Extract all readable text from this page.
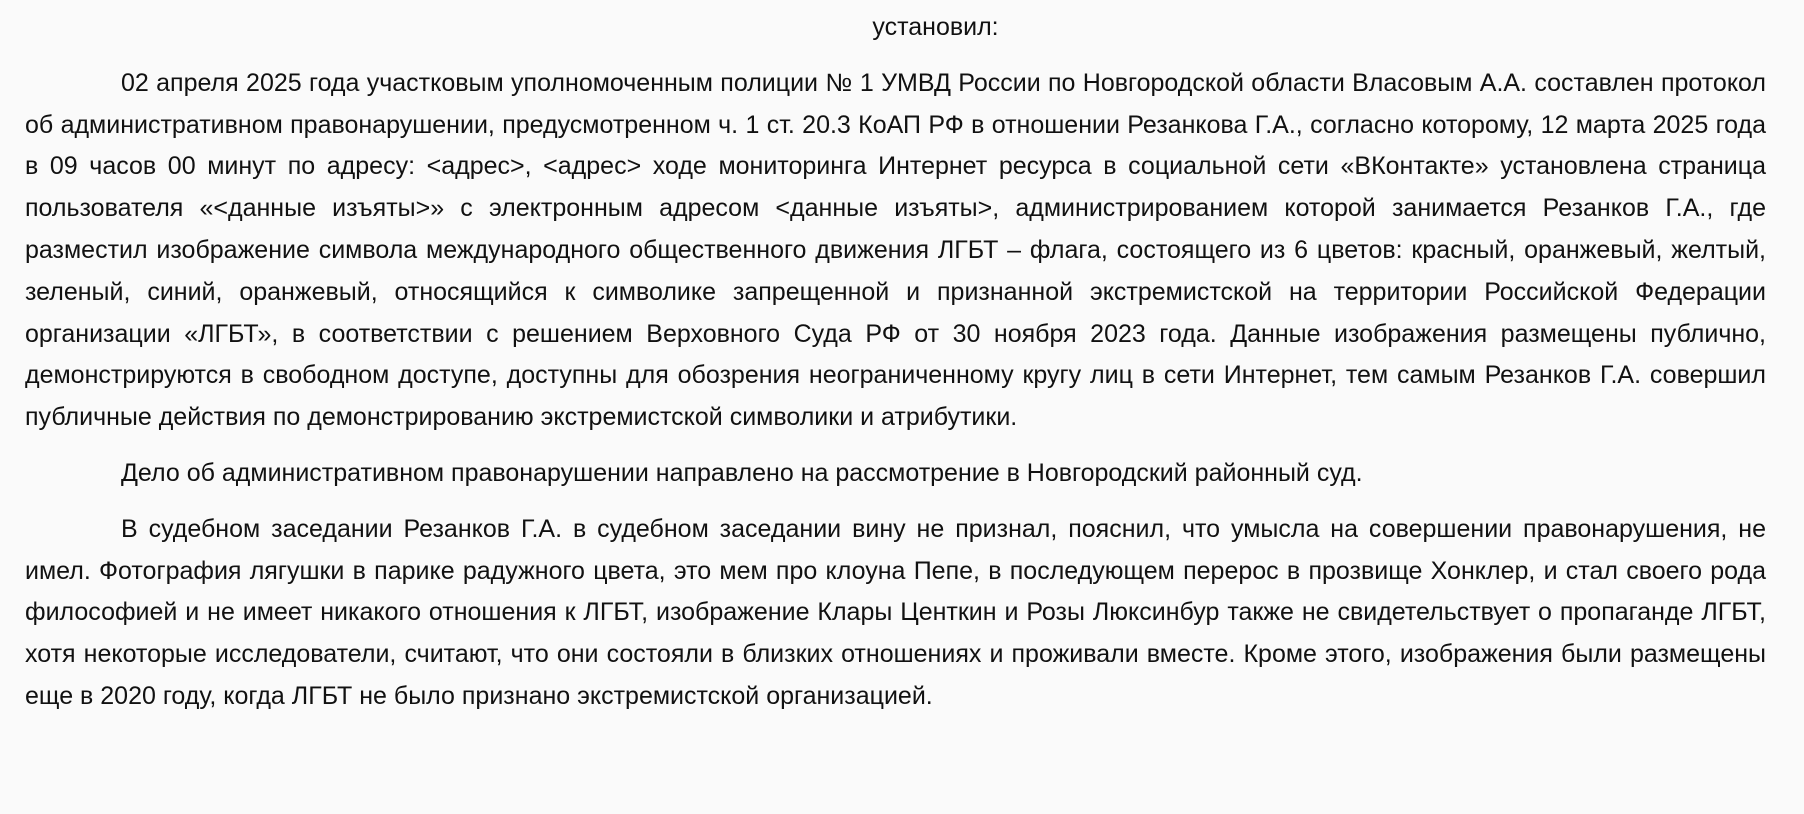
установил:

02 апреля 2025 года участковым уполномоченным полиции № 1 УМВД России по Новгородской области Власовым А.А. составлен протокол об административном правонарушении, предусмотренном ч. 1 ст. 20.3 КоАП РФ в отношении Резанкова Г.А., согласно которому, 12 марта 2025 года в 09 часов 00 минут по адресу: <адрес>, <адрес> ходе мониторинга Интернет ресурса в социальной сети «ВКонтакте» установлена страница пользователя «<данные изъяты>» с электронным адресом <данные изъяты>, администрированием которой занимается Резанков Г.А., где разместил изображение символа международного общественного движения ЛГБТ – флага, состоящего из 6 цветов: красный, оранжевый, желтый, зеленый, синий, оранжевый, относящийся к символике запрещенной и признанной экстремистской на территории Российской Федерации организации «ЛГБТ», в соответствии с решением Верховного Суда РФ от 30 ноября 2023 года. Данные изображения размещены публично, демонстрируются в свободном доступе, доступны для обозрения неограниченному кругу лиц в сети Интернет, тем самым Резанков Г.А. совершил публичные действия по демонстрированию экстремистской символики и атрибутики.

Дело об административном правонарушении направлено на рассмотрение в Новгородский районный суд.

В судебном заседании Резанков Г.А. в судебном заседании вину не признал, пояснил, что умысла на совершении правонарушения, не имел. Фотография лягушки в парике радужного цвета, это мем про клоуна Пепе, в последующем перерос в прозвище Хонклер, и стал своего рода философией и не имеет никакого отношения к ЛГБТ, изображение Клары Центкин и Розы Люксинбур также не свидетельствует о пропаганде ЛГБТ, хотя некоторые исследователи, считают, что они состояли в близких отношениях и проживали вместе. Кроме этого, изображения были размещены еще в 2020 году, когда ЛГБТ не было признано экстремистской организацией.
